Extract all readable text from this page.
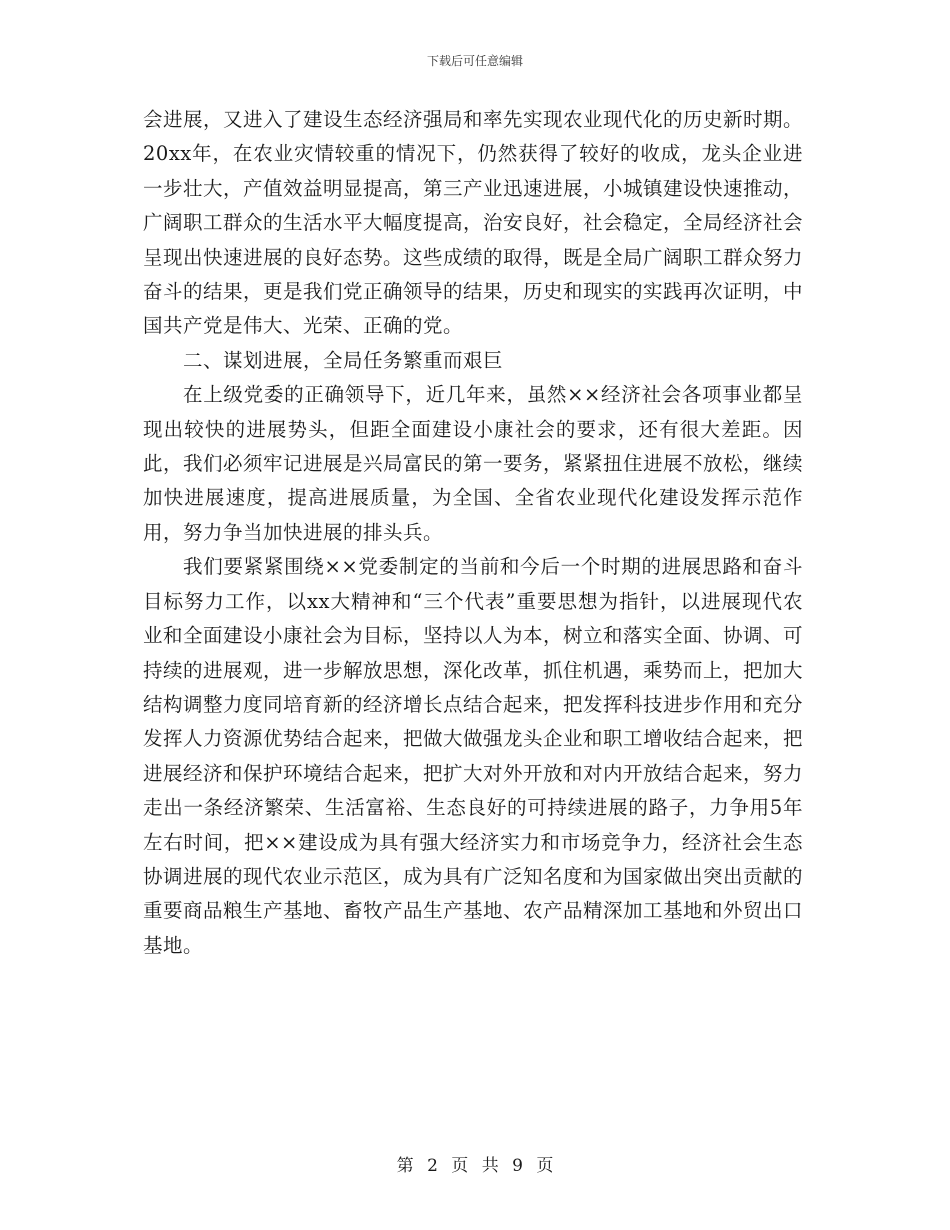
下载后可任意编辑

会进展，又进入了建设生态经济强局和率先实现农业现代化的历史新时期。20xx年，在农业灾情较重的情况下，仍然获得了较好的收成，龙头企业进一步壮大，产值效益明显提高，第三产业迅速进展，小城镇建设快速推动，广阔职工群众的生活水平大幅度提高，治安良好，社会稳定，全局经济社会呈现出快速进展的良好态势。这些成绩的取得，既是全局广阔职工群众努力奋斗的结果，更是我们党正确领导的结果，历史和现实的实践再次证明，中国共产党是伟大、光荣、正确的党。

二、谋划进展，全局任务繁重而艰巨

在上级党委的正确领导下，近几年来，虽然××经济社会各项事业都呈现出较快的进展势头，但距全面建设小康社会的要求，还有很大差距。因此，我们必须牢记进展是兴局富民的第一要务，紧紧扭住进展不放松，继续加快进展速度，提高进展质量，为全国、全省农业现代化建设发挥示范作用，努力争当加快进展的排头兵。

我们要紧紧围绕××党委制定的当前和今后一个时期的进展思路和奋斗目标努力工作，以xx大精神和“三个代表”重要思想为指针，以进展现代农业和全面建设小康社会为目标，坚持以人为本，树立和落实全面、协调、可持续的进展观，进一步解放思想，深化改革，抓住机遇，乘势而上，把加大结构调整力度同培育新的经济增长点结合起来，把发挥科技进步作用和充分发挥人力资源优势结合起来，把做大做强龙头企业和职工增收结合起来，把进展经济和保护环境结合起来，把扩大对外开放和对内开放结合起来，努力走出一条经济繁荣、生活富裕、生态良好的可持续进展的路子，力争用5年左右时间，把××建设成为具有强大经济实力和市场竞争力，经济社会生态协调进展的现代农业示范区，成为具有广泛知名度和为国家做出突出贡献的重要商品粮生产基地、畜牧产品生产基地、农产品精深加工基地和外贸出口基地。

第 2 页 共 9 页
